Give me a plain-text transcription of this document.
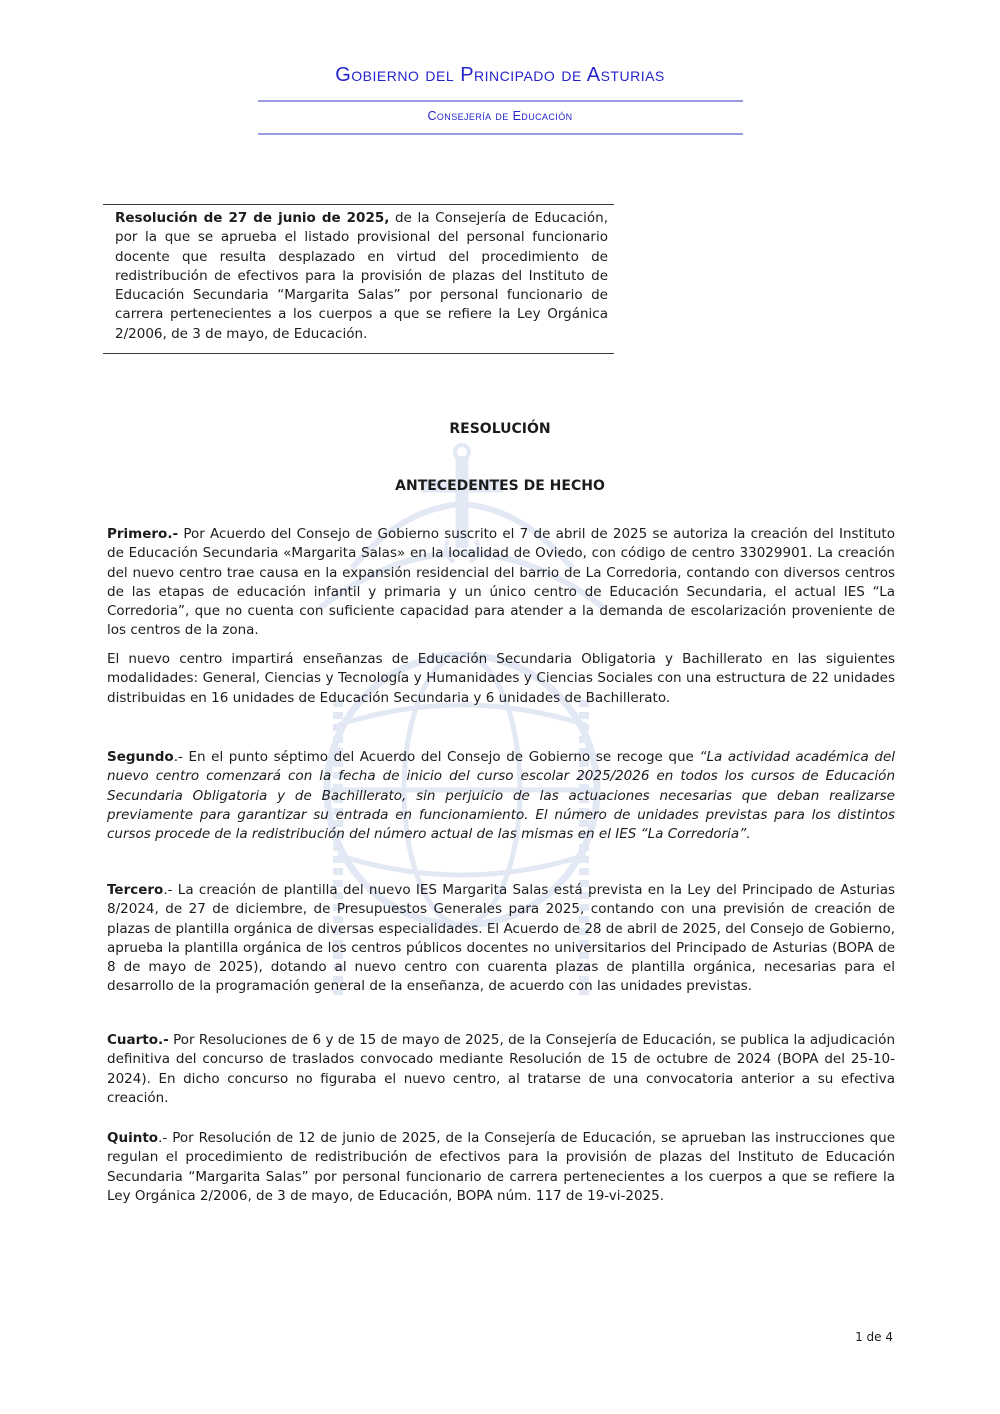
Gobierno del Principado de Asturias
Consejería de Educación

Resolución de 27 de junio de 2025, de la Consejería de Educación, por la que se aprueba el listado provisional del personal funcionario docente que resulta desplazado en virtud del procedimiento de redistribución de efectivos para la provisión de plazas del Instituto de Educación Secundaria “Margarita Salas” por personal funcionario de carrera pertenecientes a los cuerpos a que se refiere la Ley Orgánica 2/2006, de 3 de mayo, de Educación.

RESOLUCIÓN
ANTECEDENTES DE HECHO

Primero.- Por Acuerdo del Consejo de Gobierno suscrito el 7 de abril de 2025 se autoriza la creación del Instituto de Educación Secundaria «Margarita Salas» en la localidad de Oviedo, con código de centro 33029901. La creación del nuevo centro trae causa en la expansión residencial del barrio de La Corredoria, contando con diversos centros de las etapas de educación infantil y primaria y un único centro de Educación Secundaria, el actual IES “La Corredoria”, que no cuenta con suficiente capacidad para atender a la demanda de escolarización proveniente de los centros de la zona.

El nuevo centro impartirá enseñanzas de Educación Secundaria Obligatoria y Bachillerato en las siguientes modalidades: General, Ciencias y Tecnología y Humanidades y Ciencias Sociales con una estructura de 22 unidades distribuidas en 16 unidades de Educación Secundaria y 6 unidades de Bachillerato.

Segundo.- En el punto séptimo del Acuerdo del Consejo de Gobierno se recoge que “La actividad académica del nuevo centro comenzará con la fecha de inicio del curso escolar 2025/2026 en todos los cursos de Educación Secundaria Obligatoria y de Bachillerato, sin perjuicio de las actuaciones necesarias que deban realizarse previamente para garantizar su entrada en funcionamiento. El número de unidades previstas para los distintos cursos procede de la redistribución del número actual de las mismas en el IES “La Corredoria”.

Tercero.- La creación de plantilla del nuevo IES Margarita Salas está prevista en la Ley del Principado de Asturias 8/2024, de 27 de diciembre, de Presupuestos Generales para 2025, contando con una previsión de creación de plazas de plantilla orgánica de diversas especialidades. El Acuerdo de 28 de abril de 2025, del Consejo de Gobierno, aprueba la plantilla orgánica de los centros públicos docentes no universitarios del Principado de Asturias (BOPA de 8 de mayo de 2025), dotando al nuevo centro con cuarenta plazas de plantilla orgánica, necesarias para el desarrollo de la programación general de la enseñanza, de acuerdo con las unidades previstas.

Cuarto.- Por Resoluciones de 6 y de 15 de mayo de 2025, de la Consejería de Educación, se publica la adjudicación definitiva del concurso de traslados convocado mediante Resolución de 15 de octubre de 2024 (BOPA del 25-10-2024). En dicho concurso no figuraba el nuevo centro, al tratarse de una convocatoria anterior a su efectiva creación.

Quinto.- Por Resolución de 12 de junio de 2025, de la Consejería de Educación, se aprueban las instrucciones que regulan el procedimiento de redistribución de efectivos para la provisión de plazas del Instituto de Educación Secundaria “Margarita Salas” por personal funcionario de carrera pertenecientes a los cuerpos a que se refiere la Ley Orgánica 2/2006, de 3 de mayo, de Educación, BOPA núm. 117 de 19-vi-2025.

1 de 4
